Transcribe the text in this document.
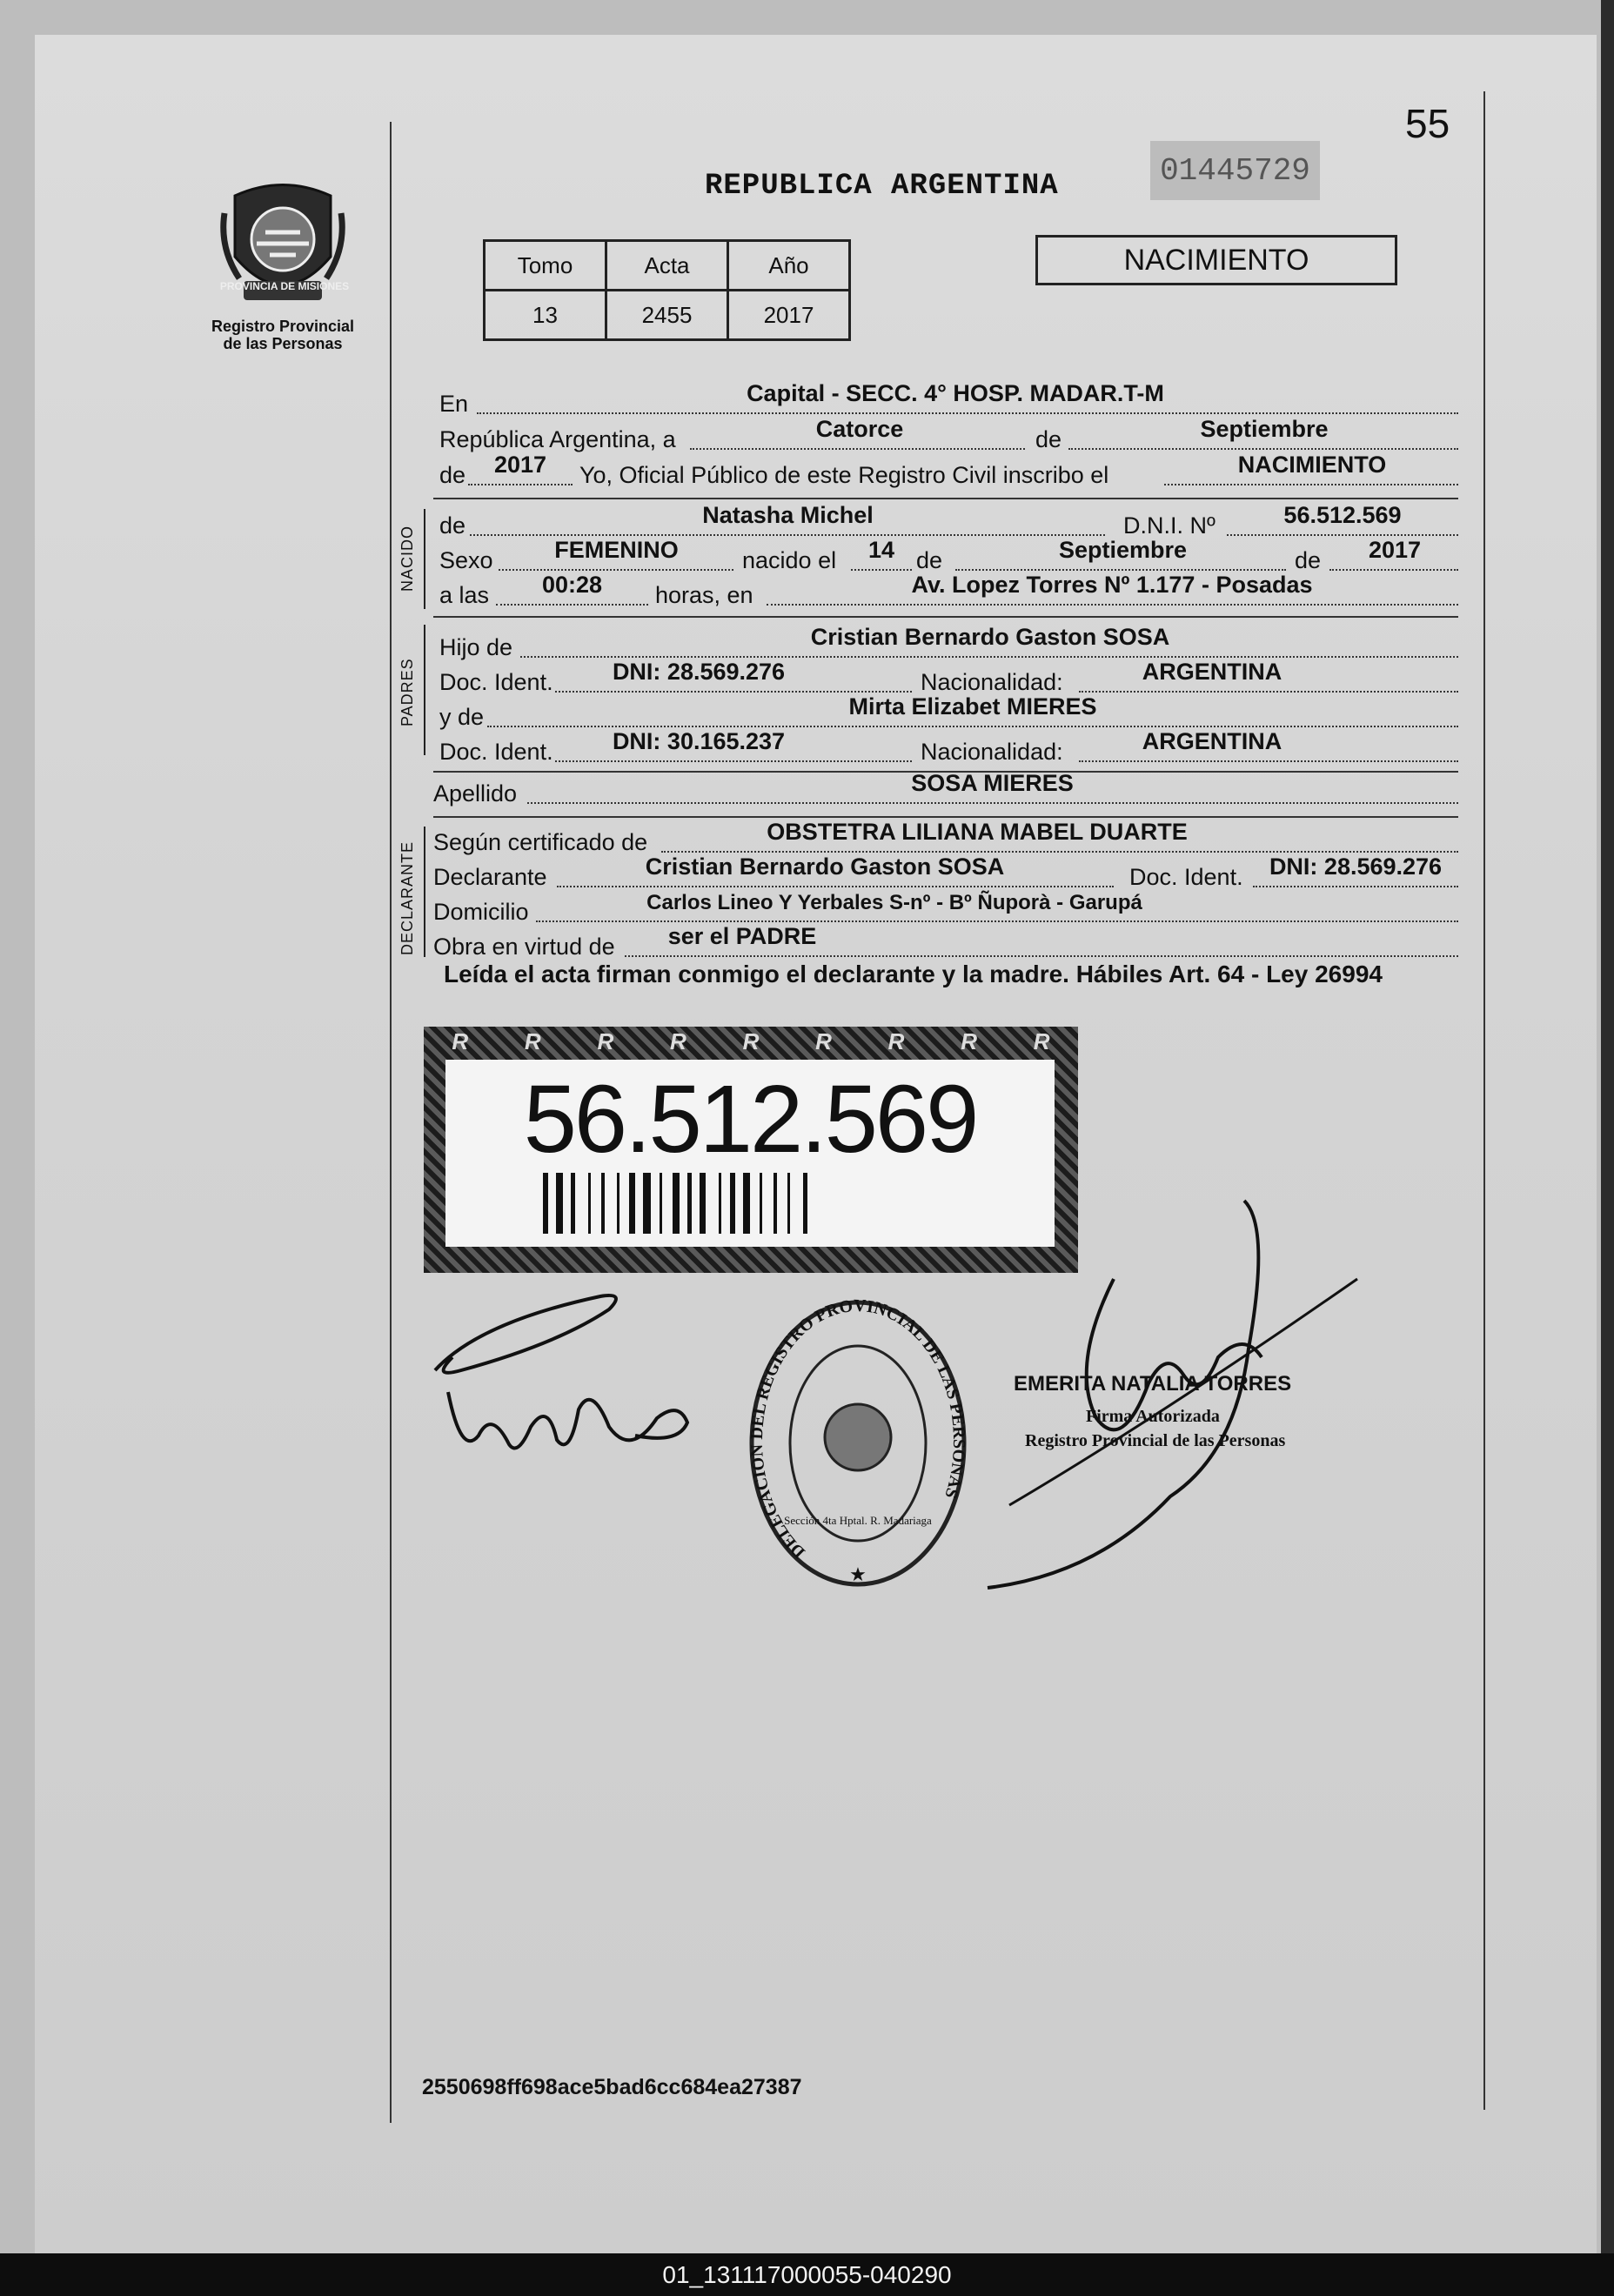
55
PROVINCIA DE MISIONES
Registro Provincial
de las Personas
REPUBLICA ARGENTINA	01445729
Tomo	Acta	Año
13	2455	2017
NACIMIENTO
En	Capital - SECC. 4° HOSP. MADAR.T-M
República Argentina, a	Catorce	de	Septiembre
de	2017	Yo, Oficial Público de este Registro Civil inscribo el	NACIMIENTO
NACIDO de	Natasha Michel	D.N.I. Nº	56.512.569
Sexo	FEMENINO	nacido el	14 de	Septiembre	de	2017
a las	00:28	horas, en	Av. Lopez Torres Nº 1.177 - Posadas
PADRES
Hijo de	Cristian Bernardo Gaston SOSA
Doc. Ident.	DNI: 28.569.276	Nacionalidad:	ARGENTINA
y de	Mirta Elizabet MIERES
Doc. Ident.	DNI: 30.165.237	Nacionalidad:	ARGENTINA
Apellido	SOSA MIERES
DECLARANTE Según certificado de	OBSTETRA LILIANA MABEL DUARTE
Declarante	Cristian Bernardo Gaston SOSA	Doc. Ident.	DNI: 28.569.276
Domicilio	Carlos Lineo Y Yerbales S-nº - Bº Ñuporà - Garupá
Obra en virtud de	ser el PADRE
Leída el acta firman conmigo el declarante y la madre. Hábiles Art. 64 - Ley 26994
R R R R R R R R R
56.512.569
DELEGACION DEL REGISTRO PROVINCIAL DE LAS PERSONAS
Sección 4ta Hptal. R. Madariaga
★
EMERITA NATALIA TORRES
Firma Autorizada
Registro Provincial de las Personas
2550698ff698ace5bad6cc684ea27387
01_131117000055-040290
